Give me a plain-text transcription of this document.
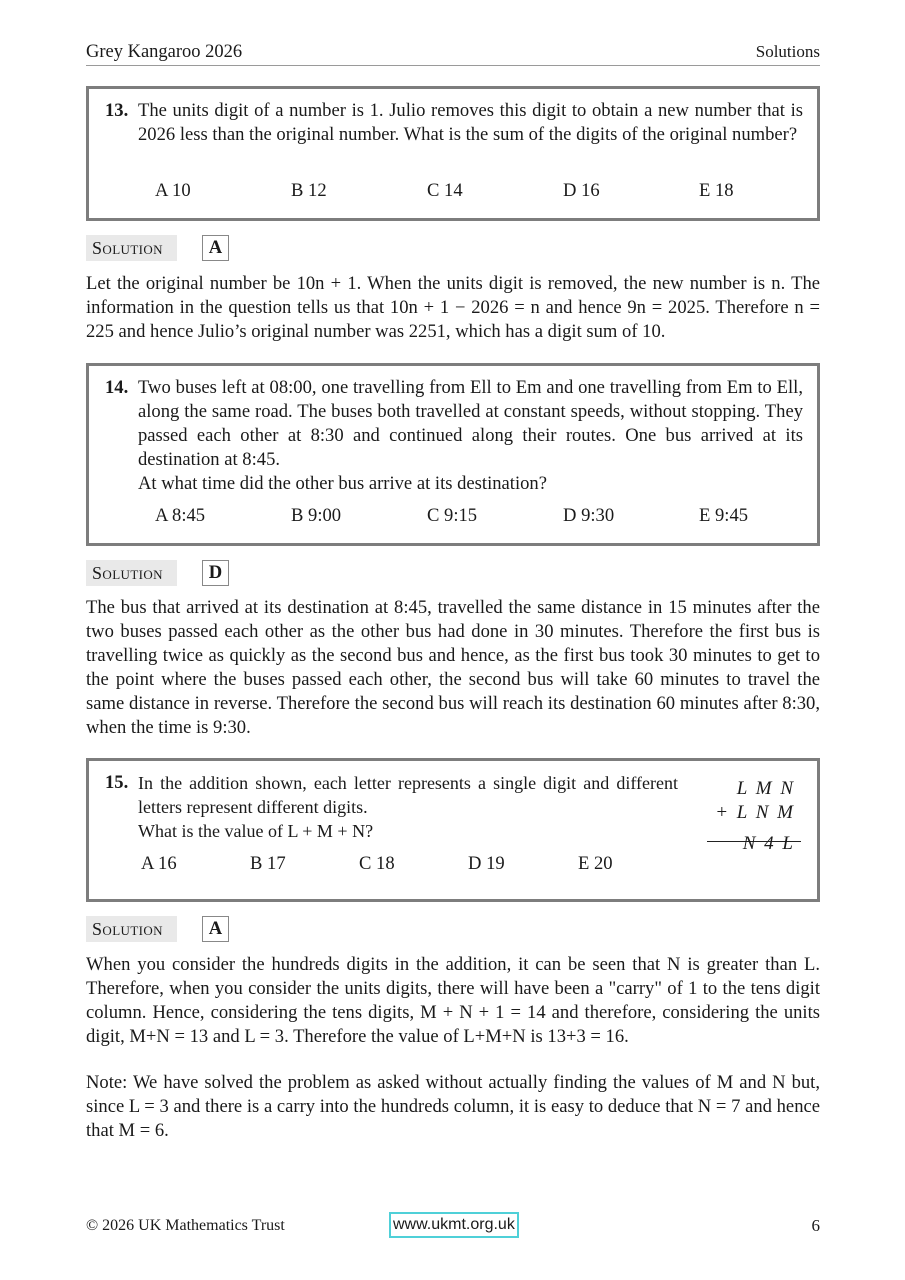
Grey Kangaroo 2026	Solutions
13. The units digit of a number is 1. Julio removes this digit to obtain a new number that is 2026 less than the original number. What is the sum of the digits of the original number?
A 10	B 12	C 14	D 16	E 18
Solution	A
Let the original number be 10n + 1. When the units digit is removed, the new number is n. The information in the question tells us that 10n + 1 − 2026 = n and hence 9n = 2025. Therefore n = 225 and hence Julio’s original number was 2251, which has a digit sum of 10.
14. Two buses left at 08:00, one travelling from Ell to Em and one travelling from Em to Ell, along the same road. The buses both travelled at constant speeds, without stopping. They passed each other at 8:30 and continued along their routes. One bus arrived at its destination at 8:45.
At what time did the other bus arrive at its destination?
A 8:45	B 9:00	C 9:15	D 9:30	E 9:45
Solution	D
The bus that arrived at its destination at 8:45, travelled the same distance in 15 minutes after the two buses passed each other as the other bus had done in 30 minutes. Therefore the first bus is travelling twice as quickly as the second bus and hence, as the first bus took 30 minutes to get to the point where the buses passed each other, the second bus will take 60 minutes to travel the same distance in reverse. Therefore the second bus will reach its destination 60 minutes after 8:30, when the time is 9:30.
15. In the addition shown, each letter represents a single digit and different letters represent different digits.
What is the value of L + M + N?
A 16	B 17	C 18	D 19	E 20
L M N
+ L N M
N 4 L
Solution	A
When you consider the hundreds digits in the addition, it can be seen that N is greater than L. Therefore, when you consider the units digits, there will have been a "carry" of 1 to the tens digit column. Hence, considering the tens digits, M + N + 1 = 14 and therefore, considering the units digit, M+N = 13 and L = 3. Therefore the value of L+M+N is 13+3 = 16.
Note: We have solved the problem as asked without actually finding the values of M and N but, since L = 3 and there is a carry into the hundreds column, it is easy to deduce that N = 7 and hence that M = 6.
© 2026 UK Mathematics Trust	www.ukmt.org.uk	6
